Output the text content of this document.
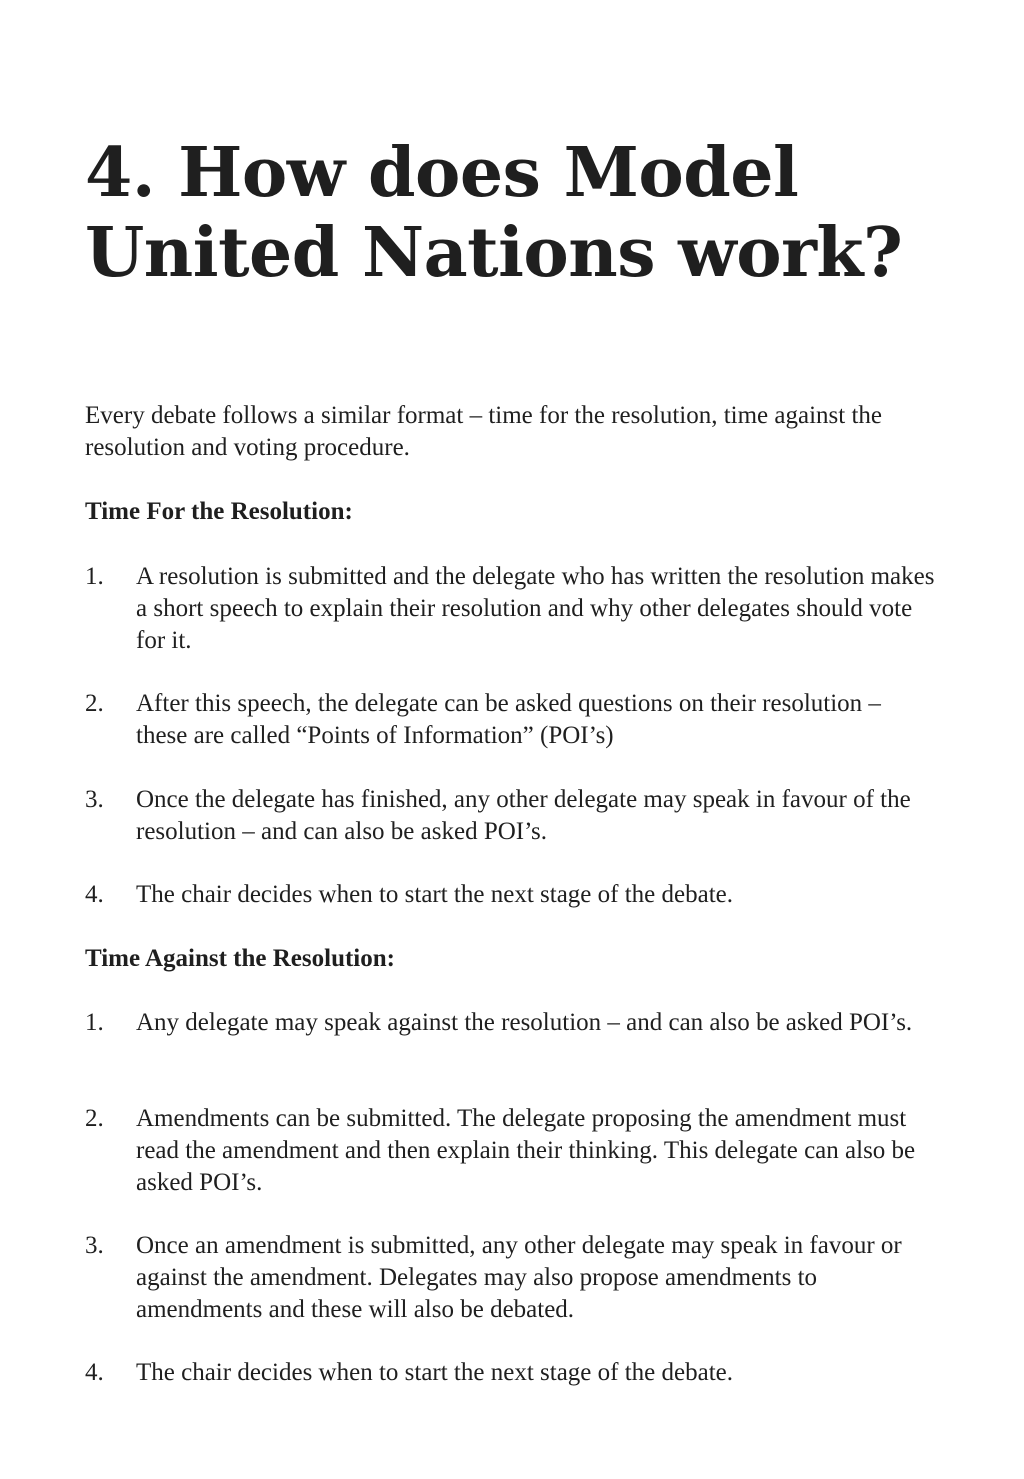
4. How does Model
United Nations work?

Every debate follows a similar format – time for the resolution, time against the resolution and voting procedure.

Time For the Resolution:
1.	A resolution is submitted and the delegate who has written the resolution makes a short speech to explain their resolution and why other delegates should vote for it.
2.	After this speech, the delegate can be asked questions on their resolution – these are called “Points of Information” (POI’s)
3.	Once the delegate has finished, any other delegate may speak in favour of the resolution – and can also be asked POI’s.
4.	The chair decides when to start the next stage of the debate.
Time Against the Resolution:
1.	Any delegate may speak against the resolution – and can also be asked POI’s.
2.	Amendments can be submitted. The delegate proposing the amendment must read the amendment and then explain their thinking. This delegate can also be asked POI’s.
3.	Once an amendment is submitted, any other delegate may speak in favour or against the amendment. Delegates may also propose amendments to amendments and these will also be debated.
4.	The chair decides when to start the next stage of the debate.
